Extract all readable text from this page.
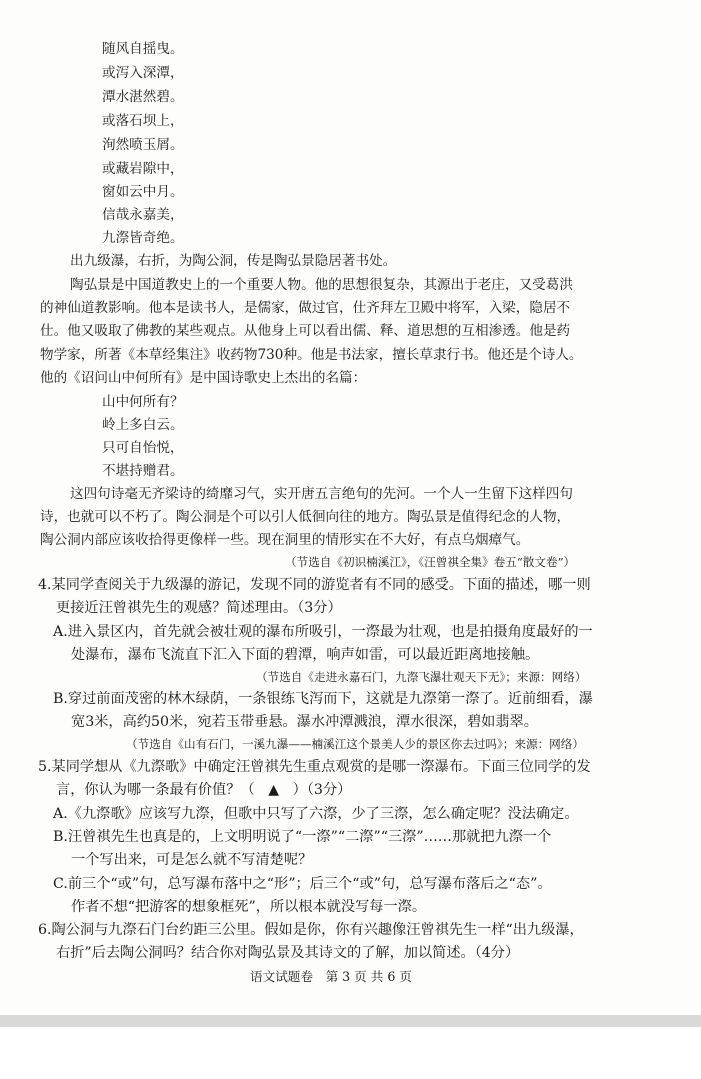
随风自摇曳。
或泻入深潭，
潭水湛然碧。
或落石坝上，
洵然喷玉屑。
或藏岩隙中，
窗如云中月。
信哉永嘉美，
九漈皆奇绝。
出九级瀑，右折，为陶公洞，传是陶弘景隐居著书处。
陶弘景是中国道教史上的一个重要人物。他的思想很复杂，其源出于老庄，又受葛洪
的神仙道教影响。他本是读书人，是儒家，做过官，仕齐拜左卫殿中将军，入梁，隐居不
仕。他又吸取了佛教的某些观点。从他身上可以看出儒、释、道思想的互相渗透。他是药
物学家，所著《本草经集注》收药物730种。他是书法家，擅长草隶行书。他还是个诗人。
他的《诏问山中何所有》是中国诗歌史上杰出的名篇：
山中何所有？
岭上多白云。
只可自怡悦，
不堪持赠君。
这四句诗毫无齐梁诗的绮靡习气，实开唐五言绝句的先河。一个人一生留下这样四句
诗，也就可以不朽了。陶公洞是个可以引人低徊向往的地方。陶弘景是值得纪念的人物，
陶公洞内部应该收拾得更像样一些。现在洞里的情形实在不大好，有点乌烟瘴气。
（节选自《初识楠溪江》，《汪曾祺全集》卷五“散文卷”）
4.某同学查阅关于九级瀑的游记，发现不同的游览者有不同的感受。下面的描述，哪一则
更接近汪曾祺先生的观感？简述理由。（3分）
A.进入景区内，首先就会被壮观的瀑布所吸引，一漈最为壮观，也是拍摄角度最好的一
处瀑布，瀑布飞流直下汇入下面的碧潭，响声如雷，可以最近距离地接触。
（节选自《走进永嘉石门，九漈飞瀑壮观天下无》；来源：网络）
B.穿过前面茂密的林木绿荫，一条银练飞泻而下，这就是九漈第一漈了。近前细看，瀑
宽3米，高约50米，宛若玉带垂悬。瀑水冲潭溅浪，潭水很深，碧如翡翠。
（节选自《山有石门，一溪九瀑——楠溪江这个景美人少的景区你去过吗》；来源：网络）
5.某同学想从《九漈歌》中确定汪曾祺先生重点观赏的是哪一漈瀑布。下面三位同学的发
言，你认为哪一条最有价值？（ ▲ ）（3分）
A.《九漈歌》应该写九漈，但歌中只写了六漈，少了三漈，怎么确定呢？没法确定。
B.汪曾祺先生也真是的，上文明明说了“一漈”“二漈”“三漈”……那就把九漈一个
一个写出来，可是怎么就不写清楚呢？
C.前三个“或”句，总写瀑布落中之“形”；后三个“或”句，总写瀑布落后之“态”。
作者不想“把游客的想象框死”，所以根本就没写每一漈。
6.陶公洞与九漈石门台约距三公里。假如是你，你有兴趣像汪曾祺先生一样“出九级瀑，
右折”后去陶公洞吗？结合你对陶弘景及其诗文的了解，加以简述。（4分）
语文试题卷　第 3 页 共 6 页
